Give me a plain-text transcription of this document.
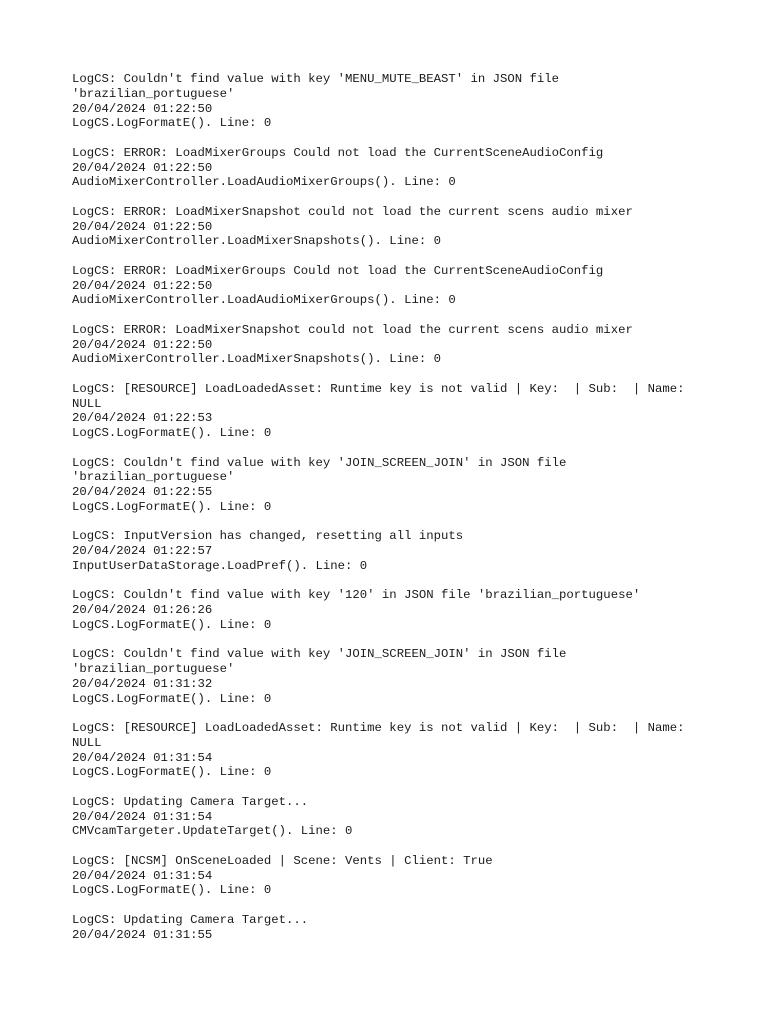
LogCS: Couldn't find value with key 'MENU_MUTE_BEAST' in JSON file
'brazilian_portuguese'
20/04/2024 01:22:50
LogCS.LogFormatE(). Line: 0
LogCS: ERROR: LoadMixerGroups Could not load the CurrentSceneAudioConfig
20/04/2024 01:22:50
AudioMixerController.LoadAudioMixerGroups(). Line: 0
LogCS: ERROR: LoadMixerSnapshot could not load the current scens audio mixer
20/04/2024 01:22:50
AudioMixerController.LoadMixerSnapshots(). Line: 0
LogCS: ERROR: LoadMixerGroups Could not load the CurrentSceneAudioConfig
20/04/2024 01:22:50
AudioMixerController.LoadAudioMixerGroups(). Line: 0
LogCS: ERROR: LoadMixerSnapshot could not load the current scens audio mixer
20/04/2024 01:22:50
AudioMixerController.LoadMixerSnapshots(). Line: 0
LogCS: [RESOURCE] LoadLoadedAsset: Runtime key is not valid | Key:  | Sub:  | Name:
NULL
20/04/2024 01:22:53
LogCS.LogFormatE(). Line: 0
LogCS: Couldn't find value with key 'JOIN_SCREEN_JOIN' in JSON file
'brazilian_portuguese'
20/04/2024 01:22:55
LogCS.LogFormatE(). Line: 0
LogCS: InputVersion has changed, resetting all inputs
20/04/2024 01:22:57
InputUserDataStorage.LoadPref(). Line: 0
LogCS: Couldn't find value with key '120' in JSON file 'brazilian_portuguese'
20/04/2024 01:26:26
LogCS.LogFormatE(). Line: 0
LogCS: Couldn't find value with key 'JOIN_SCREEN_JOIN' in JSON file
'brazilian_portuguese'
20/04/2024 01:31:32
LogCS.LogFormatE(). Line: 0
LogCS: [RESOURCE] LoadLoadedAsset: Runtime key is not valid | Key:  | Sub:  | Name:
NULL
20/04/2024 01:31:54
LogCS.LogFormatE(). Line: 0
LogCS: Updating Camera Target...
20/04/2024 01:31:54
CMVcamTargeter.UpdateTarget(). Line: 0
LogCS: [NCSM] OnSceneLoaded | Scene: Vents | Client: True
20/04/2024 01:31:54
LogCS.LogFormatE(). Line: 0
LogCS: Updating Camera Target...
20/04/2024 01:31:55
